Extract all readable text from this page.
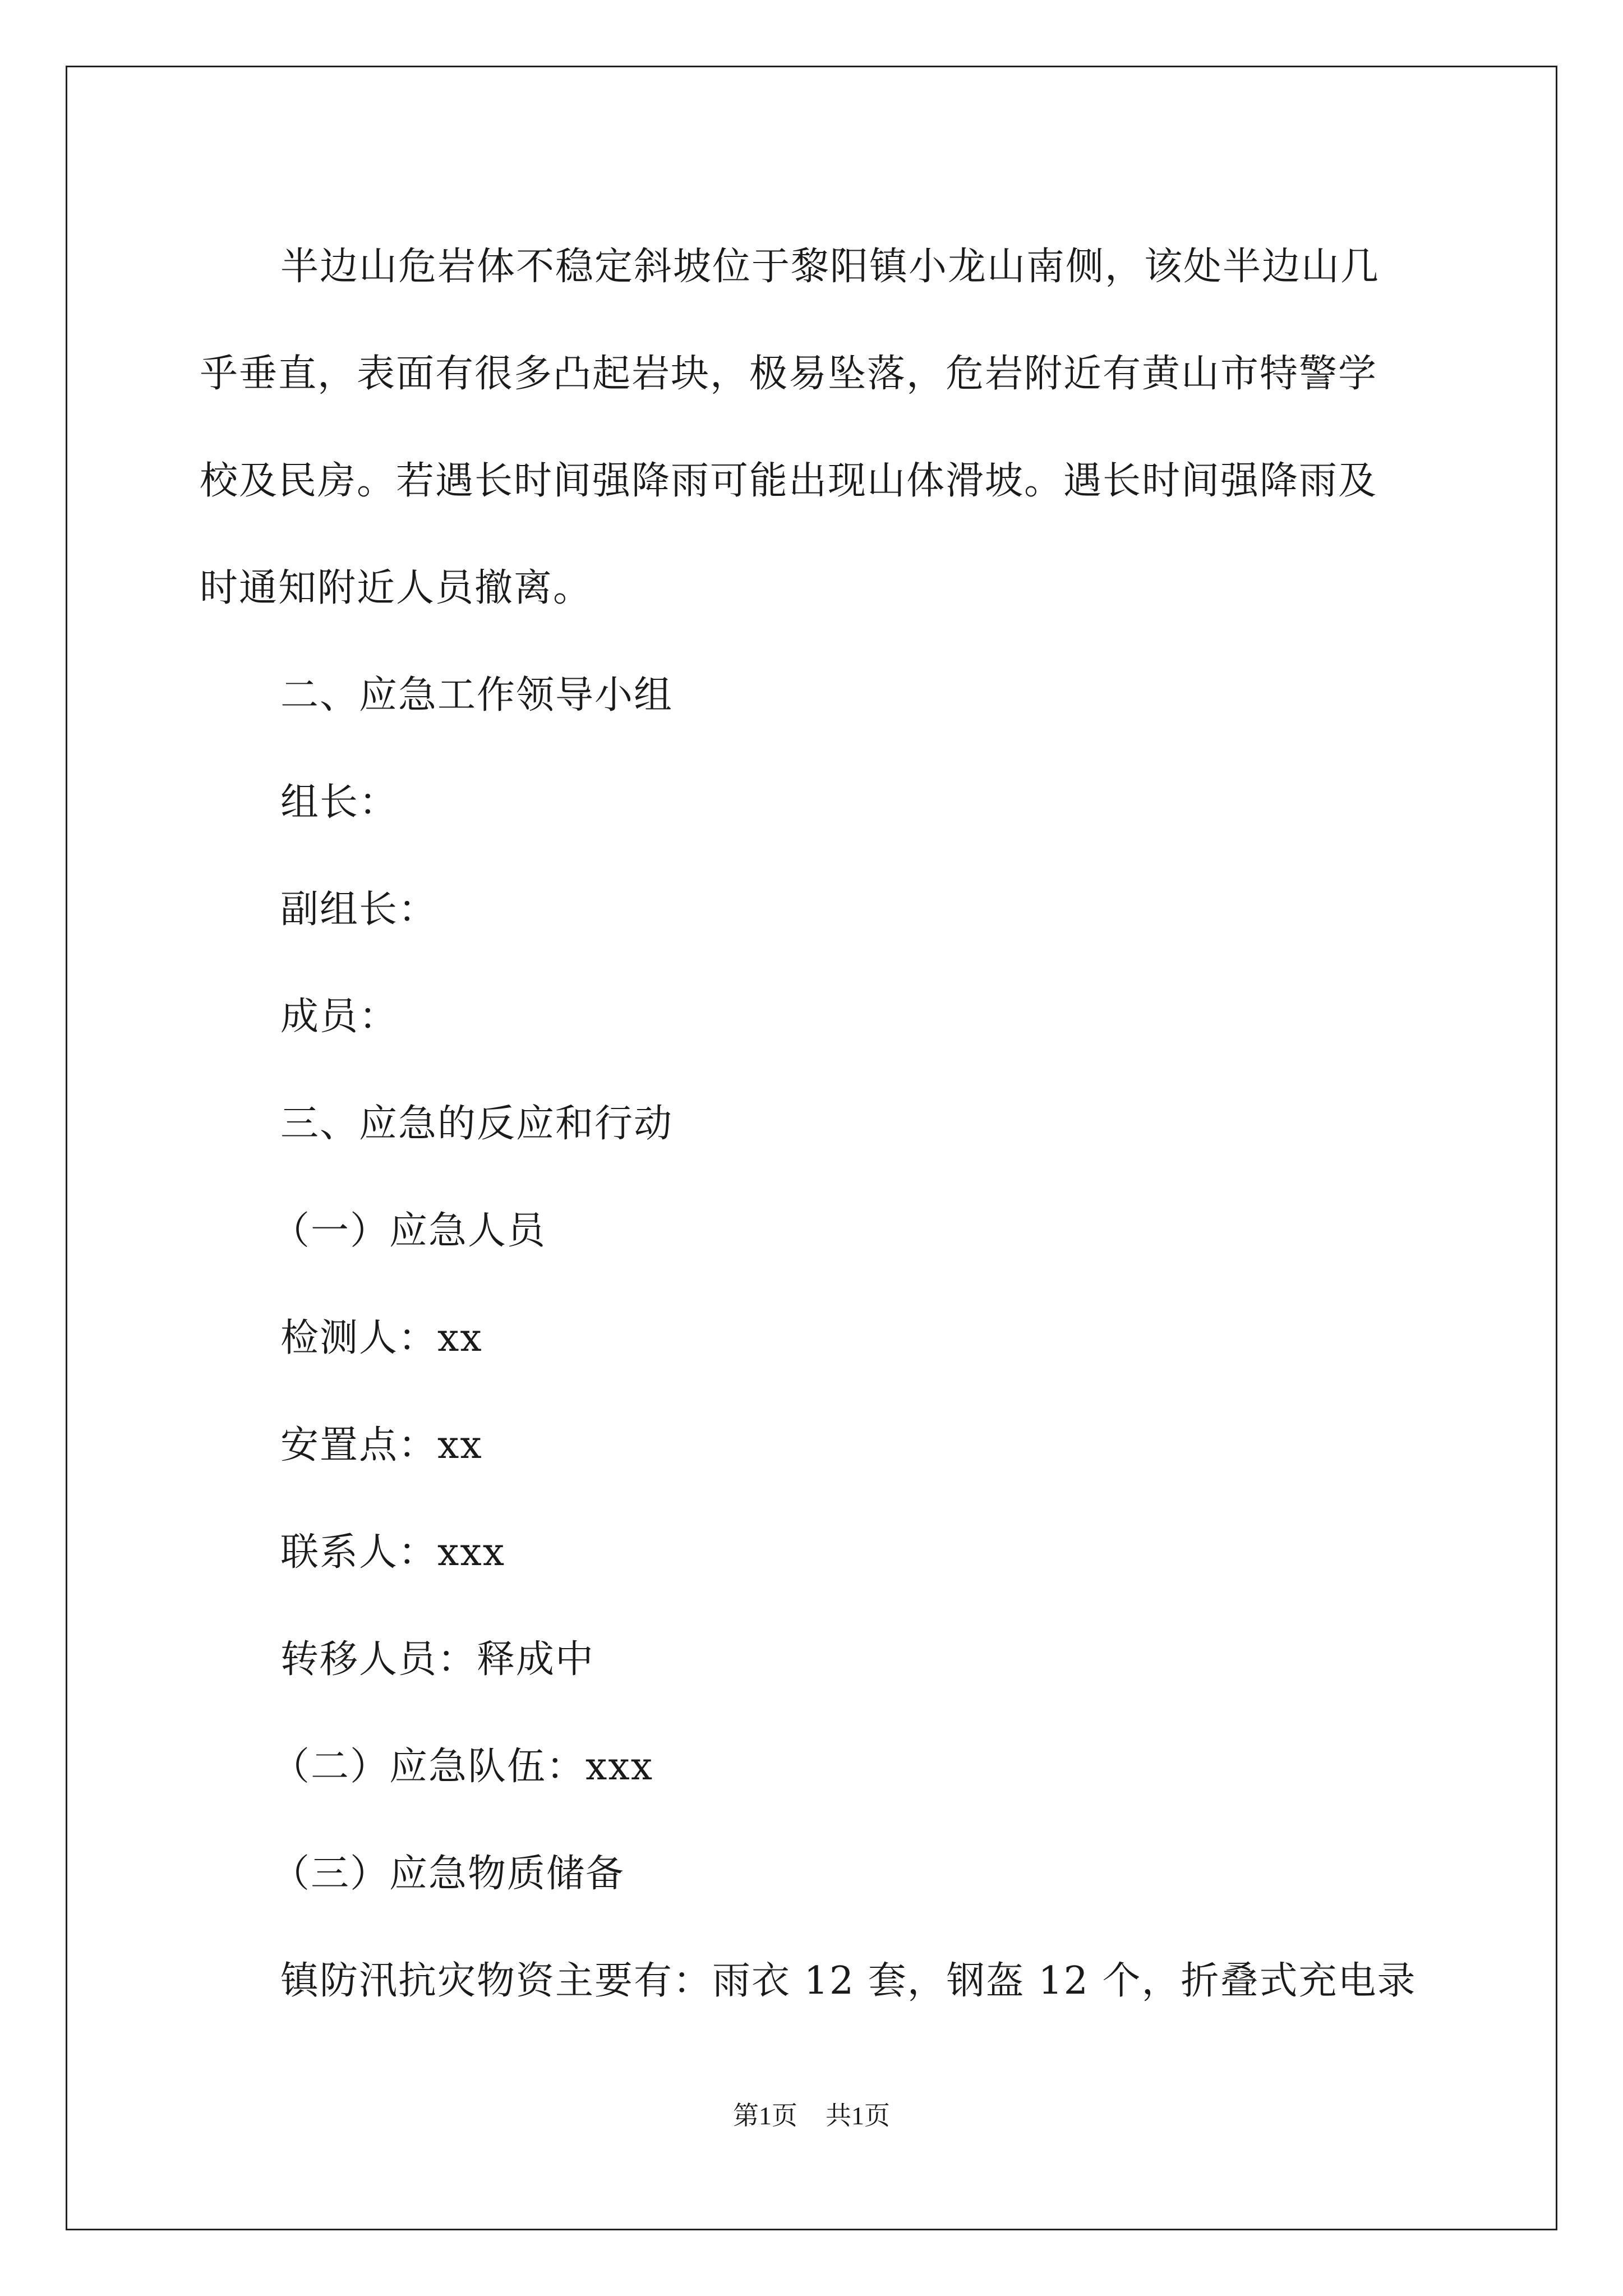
半边山危岩体不稳定斜坡位于黎阳镇小龙山南侧，该处半边山几
乎垂直，表面有很多凸起岩块，极易坠落，危岩附近有黄山市特警学
校及民房。若遇长时间强降雨可能出现山体滑坡。遇长时间强降雨及
时通知附近人员撤离。

二、应急工作领导小组

组长：

副组长：

成员：

三、应急的反应和行动

（一）应急人员

检测人：xx

安置点：xx

联系人：xxx

转移人员：释成中

（二）应急队伍：xxx

（三）应急物质储备

镇防汛抗灾物资主要有：雨衣 12 套，钢盔 12 个，折叠式充电录

第1页 共1页
